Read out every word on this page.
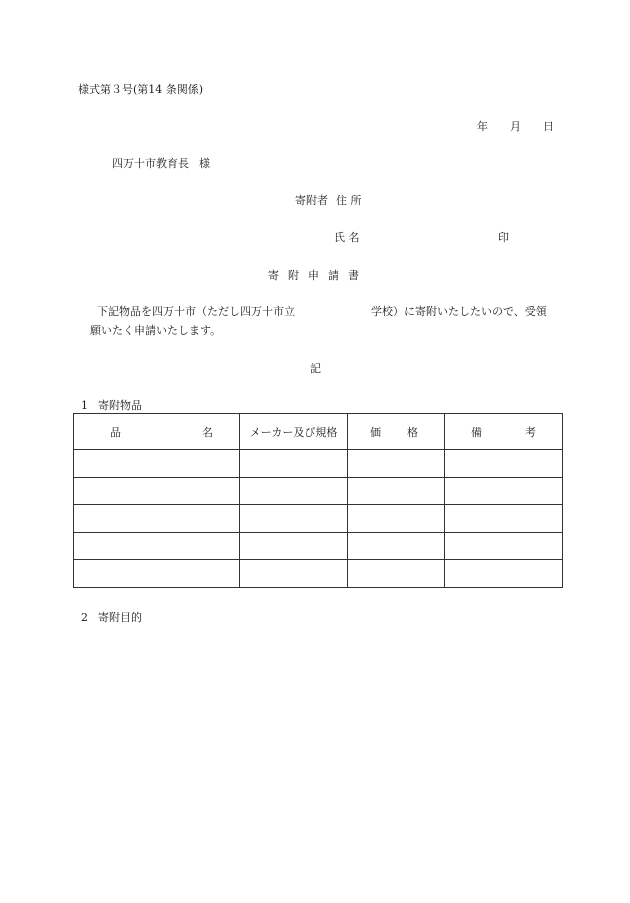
様式第３号(第14 条関係)
年 月 日
四万十市教育長 様
寄附者 住 所
氏 名	印
寄附申請書
下記物品を四万十市（ただし四万十市立	学校）に寄附いたしたいので、受領
願いたく申請いたします。
記
1 寄附物品
品 名	メーカー及び規格	価 格	備 考

2 寄附目的
